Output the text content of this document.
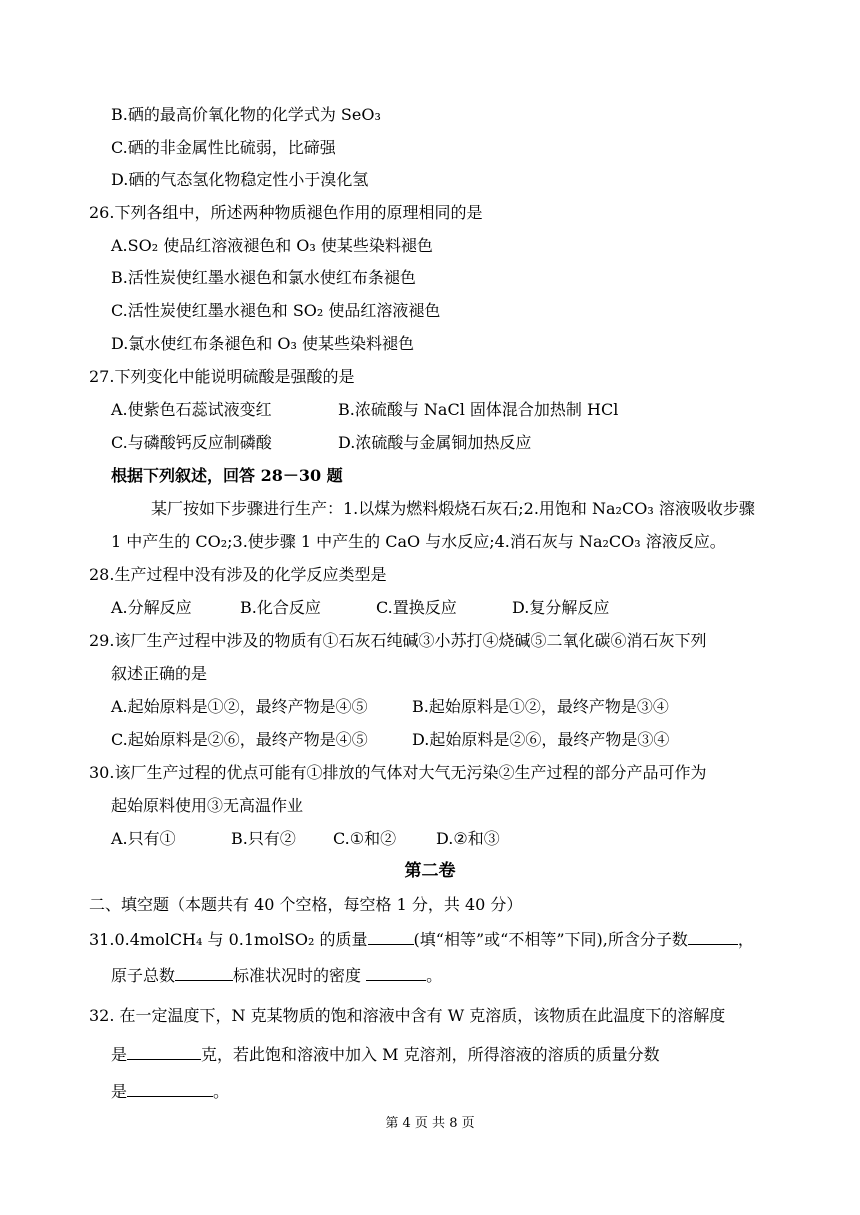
B.硒的最高价氧化物的化学式为 SeO₃
C.硒的非金属性比硫弱，比碲强
D.硒的气态氢化物稳定性小于溴化氢
26.下列各组中，所述两种物质褪色作用的原理相同的是
A.SO₂ 使品红溶液褪色和 O₃ 使某些染料褪色
B.活性炭使红墨水褪色和氯水使红布条褪色
C.活性炭使红墨水褪色和 SO₂ 使品红溶液褪色
D.氯水使红布条褪色和 O₃ 使某些染料褪色
27.下列变化中能说明硫酸是强酸的是
A.使紫色石蕊试液变红	B.浓硫酸与 NaCl 固体混合加热制 HCl
C.与磷酸钙反应制磷酸	D.浓硫酸与金属铜加热反应
根据下列叙述，回答 28－30 题
某厂按如下步骤进行生产：1.以煤为燃料煅烧石灰石;2.用饱和 Na₂CO₃ 溶液吸收步骤
1 中产生的 CO₂;3.使步骤 1 中产生的 CaO 与水反应;4.消石灰与 Na₂CO₃ 溶液反应。
28.生产过程中没有涉及的化学反应类型是
A.分解反应	B.化合反应	C.置换反应	D.复分解反应
29.该厂生产过程中涉及的物质有①石灰石纯碱③小苏打④烧碱⑤二氧化碳⑥消石灰下列
叙述正确的是
A.起始原料是①②，最终产物是④⑤	B.起始原料是①②，最终产物是③④
C.起始原料是②⑥，最终产物是④⑤	D.起始原料是②⑥，最终产物是③④
30.该厂生产过程的优点可能有①排放的气体对大气无污染②生产过程的部分产品可作为
起始原料使用③无高温作业
A.只有①	B.只有② C.①和② D.②和③
第二卷
二、填空题（本题共有 40 个空格，每空格 1 分，共 40 分）
31.0.4molCH₄ 与 0.1molSO₂ 的质量	(填“相等”或“不相等”下同),所含分子数	，
原子总数	标准状况时的密度	。
32. 在一定温度下，N 克某物质的饱和溶液中含有 W 克溶质，该物质在此温度下的溶解度
是	克，若此饱和溶液中加入 M 克溶剂，所得溶液的溶质的质量分数
是	。
第 4 页 共 8 页
